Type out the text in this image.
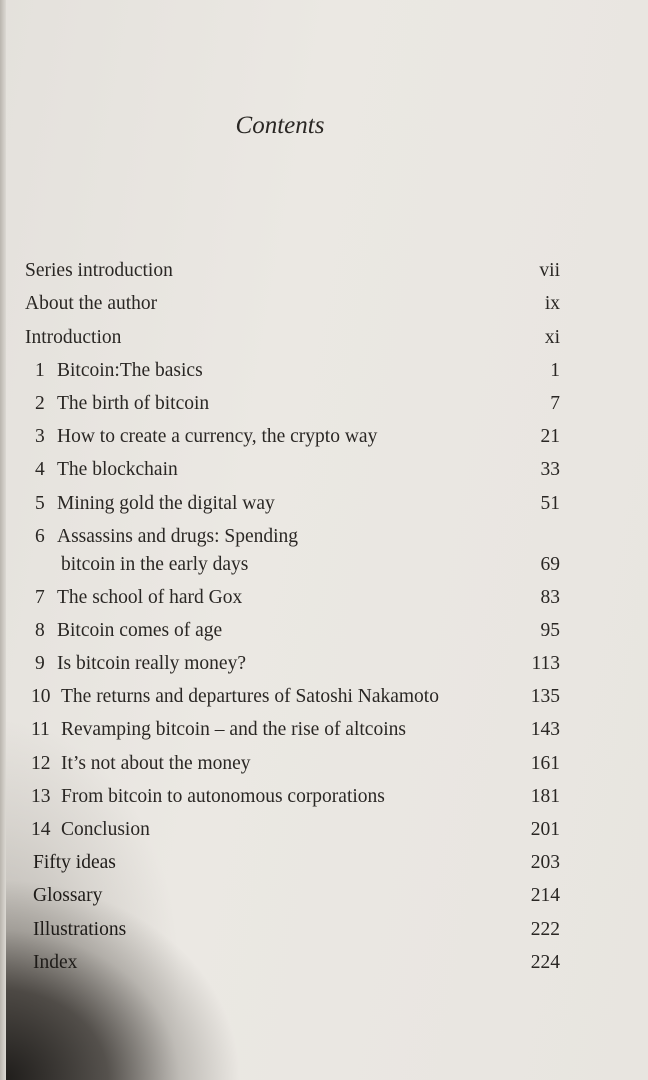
Contents
Series introduction	vii
About the author	ix
Introduction	xi
1 Bitcoin:The basics	1
2 The birth of bitcoin	7
3 How to create a currency, the crypto way	21
4 The blockchain	33
5 Mining gold the digital way	51
6 Assassins and drugs: Spending
bitcoin in the early days	69
7 The school of hard Gox	83
8 Bitcoin comes of age	95
9 Is bitcoin really money?	113
10 The returns and departures of Satoshi Nakamoto	135
11 Revamping bitcoin – and the rise of altcoins	143
12 It’s not about the money	161
13 From bitcoin to autonomous corporations	181
14 Conclusion	201
Fifty ideas	203
Glossary	214
Illustrations	222
Index	224
